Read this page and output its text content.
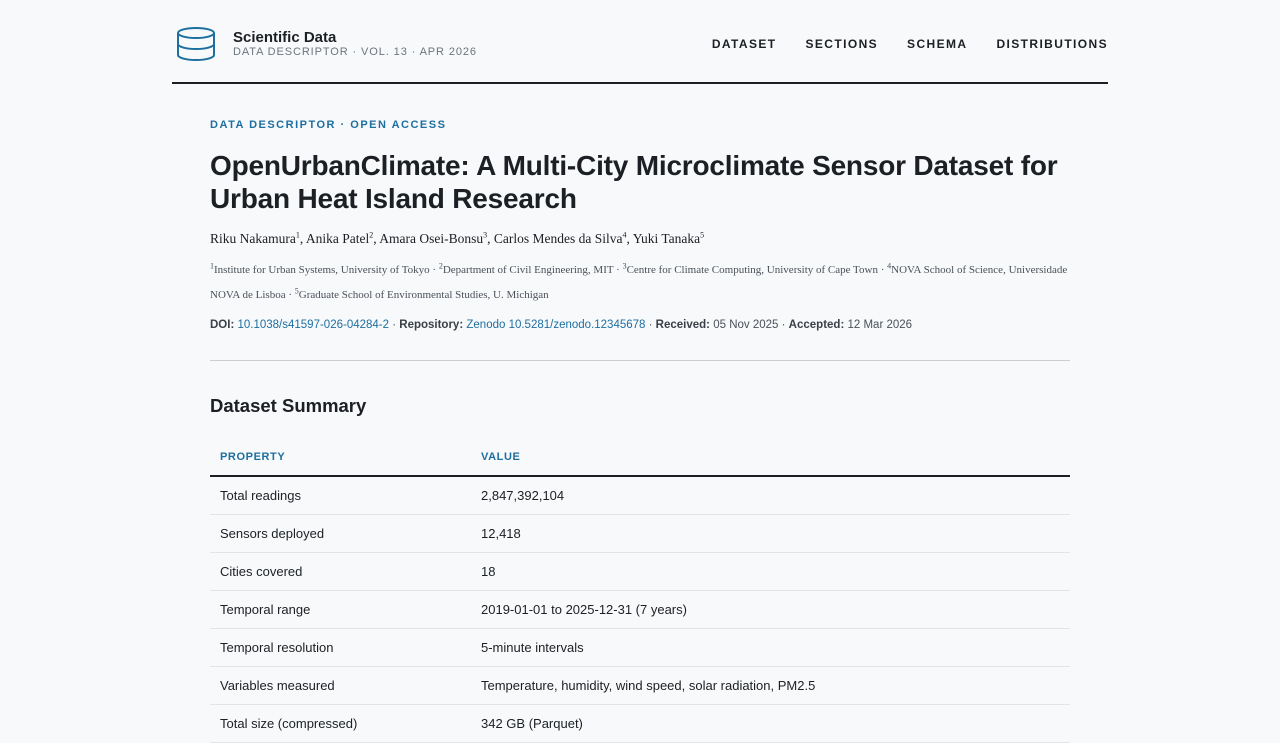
Scientific Data
DATA DESCRIPTOR · VOL. 13 · APR 2026
DATASET SECTIONS SCHEMA DISTRIBUTIONS
DATA DESCRIPTOR · OPEN ACCESS
OpenUrbanClimate: A Multi-City Microclimate Sensor Dataset for Urban Heat Island Research
Riku Nakamura$^1$, Anika Patel$^2$, Amara Osei-Bonsu$^3$, Carlos Mendes da Silva$^4$, Yuki Tanaka$^5$
$^1$Institute for Urban Systems, University of Tokyo · $^2$Department of Civil Engineering, MIT · $^3$Centre for Climate Computing, University of Cape Town · $^4$NOVA School of Science, Universidade NOVA de Lisboa · $^5$Graduate School of Environmental Studies, U. Michigan
DOI: 10.1038/s41597-026-04284-2 · Repository: Zenodo 10.5281/zenodo.12345678 · Received: 05 Nov 2025 · Accepted: 12 Mar 2026
Dataset Summary
PROPERTY	VALUE
Total readings	2,847,392,104
Sensors deployed	12,418
Cities covered	18
Temporal range	2019-01-01 to 2025-12-31 (7 years)
Temporal resolution	5-minute intervals
Variables measured	Temperature, humidity, wind speed, solar radiation, PM2.5
Total size (compressed)	342 GB (Parquet)
